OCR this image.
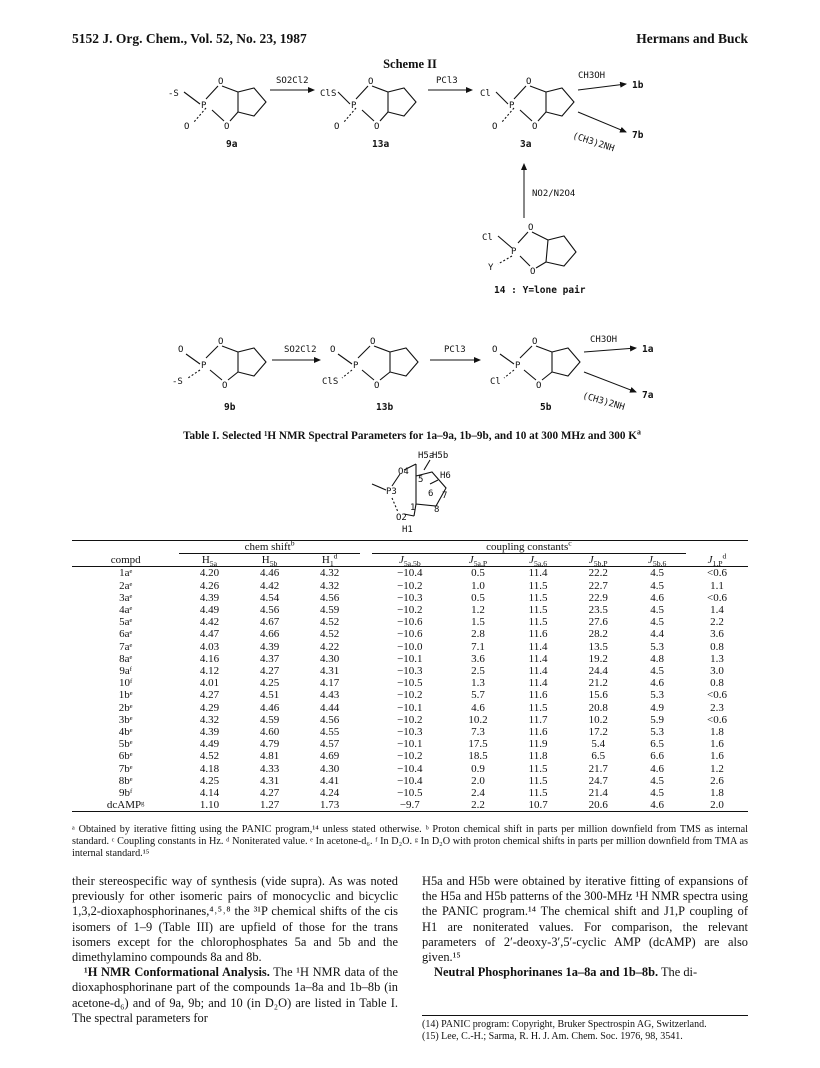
5152 J. Org. Chem., Vol. 52, No. 23, 1987	Hermans and Buck
Scheme II
-S
O
P
O	O
9a
SO2Cl2
Cl S
O
P
O	O
13a
PCl3
Cl
O
P
O	O
3a
CH3OH
1b
(CH3)2NH 7b
NO2/N2O4
Cl
O
P
Y	O
14 : Y=lone pair
O
O
P
-S	O
9b
SO2Cl2 O
O
P
ClS	O
13b
PCl3	O
O
P
Cl	O
5b
CH3OH
1a
(CH3)2NH 7a
Table I. Selected ¹H NMR Spectral Parameters for 1a–9a, 1b–9b, and 10 at 300 MHz and 300 $K^a$
H5a
H5b
H6
O4
P3
O2
H1
5
6 7
8
1
	chem shift$^b$				coupling constants$^c$
compd	$H_{5a}$	$H_{5b}$	$H_1^d$		$J_{5a,5b}$	$J_{5a,P}$	$J_{5a,6}$	$J_{5b,P}$	$J_{5b,6}$	$J_{1,P}^d$
1aᵉ	4.20	4.46	4.32		−10.4	0.5	11.4	22.2	4.5	<0.6
2aᵉ	4.26	4.42	4.32		−10.2	1.0	11.5	22.7	4.5	1.1
3aᵉ	4.39	4.54	4.56		−10.3	0.5	11.5	22.9	4.6	<0.6
4aᵉ	4.49	4.56	4.59		−10.2	1.2	11.5	23.5	4.5	1.4
5aᵉ	4.42	4.67	4.52		−10.6	1.5	11.5	27.6	4.5	2.2
6aᵉ	4.47	4.66	4.52		−10.6	2.8	11.6	28.2	4.4	3.6
7aᵉ	4.03	4.39	4.22		−10.0	7.1	11.4	13.5	5.3	0.8
8aᵉ	4.16	4.37	4.30		−10.1	3.6	11.4	19.2	4.8	1.3
9aᶠ	4.12	4.27	4.31		−10.3	2.5	11.4	24.4	4.5	3.0
10ᶠ	4.01	4.25	4.17		−10.5	1.3	11.4	21.2	4.6	0.8
1bᵉ	4.27	4.51	4.43		−10.2	5.7	11.6	15.6	5.3	<0.6
2bᵉ	4.29	4.46	4.44		−10.1	4.6	11.5	20.8	4.9	2.3
3bᵉ	4.32	4.59	4.56		−10.2	10.2	11.7	10.2	5.9	<0.6
4bᵉ	4.39	4.60	4.55		−10.3	7.3	11.6	17.2	5.3	1.8
5bᵉ	4.49	4.79	4.57		−10.1	17.5	11.9	5.4	6.5	1.6
6bᵉ	4.52	4.81	4.69		−10.2	18.5	11.8	6.5	6.6	1.6
7bᵉ	4.18	4.33	4.30		−10.4	0.9	11.5	21.7	4.6	1.2
8bᵉ	4.25	4.31	4.41		−10.4	2.0	11.5	24.7	4.5	2.6
9bᶠ	4.14	4.27	4.24		−10.5	2.4	11.5	21.4	4.5	1.8
dcAMPᵍ	1.10	1.27	1.73		−9.7	2.2	10.7	20.6	4.6	2.0
ᵃ Obtained by iterative fitting using the PANIC program,¹⁴ unless stated otherwise. ᵇ Proton chemical shift in parts per million downfield from TMS as internal standard. ᶜ Coupling constants in Hz. ᵈ Noniterated value. ᵉ In acetone-d₆. ᶠ In D₂O. ᵍ In D₂O with proton chemical shifts in parts per million downfield from TMA as internal standard.¹⁵

their stereospecific way of synthesis (vide supra). As was noted previously for other isomeric pairs of monocyclic and bicyclic 1,3,2-dioxaphosphorinanes,⁴˒⁵˒⁸ the ³¹P chemical shifts of the cis isomers of 1–9 (Table III) are upfield of those for the trans isomers except for the chlorophosphates 5a and 5b and the dimethylamino compounds 8a and 8b.

¹H NMR Conformational Analysis. The ¹H NMR data of the dioxaphosphorinane part of the compounds 1a–8a and 1b–8b (in acetone-d₆) and of 9a, 9b; and 10 (in D₂O) are listed in Table I. The spectral parameters for

H5a and H5b were obtained by iterative fitting of expansions of the H5a and H5b patterns of the 300-MHz ¹H NMR spectra using the PANIC program.¹⁴ The chemical shift and J1,P coupling of H1 are noniterated values. For comparison, the relevant parameters of 2′-deoxy-3′,5′-cyclic AMP (dcAMP) are also given.¹⁵

Neutral Phosphorinanes 1a–8a and 1b–8b. The di-

(14) PANIC program: Copyright, Bruker Spectrospin AG, Switzerland.
(15) Lee, C.-H.; Sarma, R. H. J. Am. Chem. Soc. 1976, 98, 3541.
